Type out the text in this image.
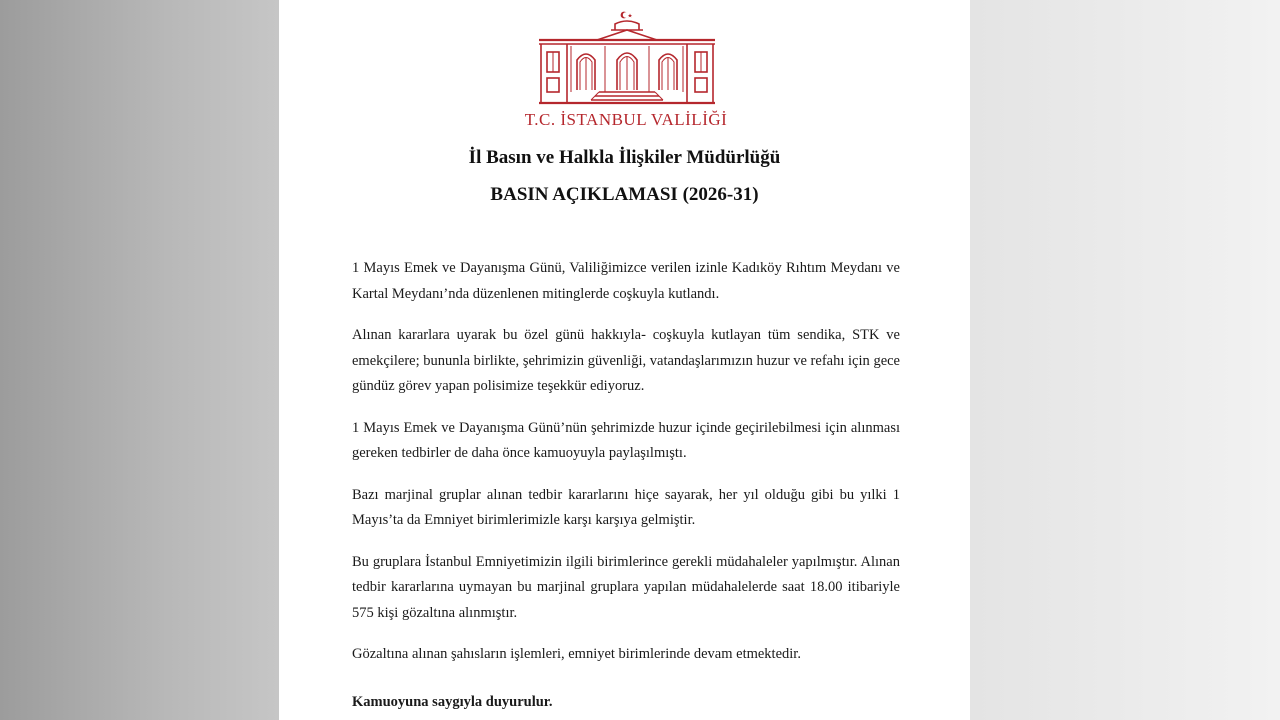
T.C. İSTANBUL VALİLİĞİ
İl Basın ve Halkla İlişkiler Müdürlüğü
BASIN AÇIKLAMASI (2026-31)

1 Mayıs Emek ve Dayanışma Günü, Valiliğimizce verilen izinle Kadıköy Rıhtım Meydanı ve Kartal Meydanı’nda düzenlenen mitinglerde coşkuyla kutlandı.

Alınan kararlara uyarak bu özel günü hakkıyla- coşkuyla kutlayan tüm sendika, STK ve emekçilere; bununla birlikte, şehrimizin güvenliği, vatandaşlarımızın huzur ve refahı için gece gündüz görev yapan polisimize teşekkür ediyoruz.

1 Mayıs Emek ve Dayanışma Günü’nün şehrimizde huzur içinde geçirilebilmesi için alınması gereken tedbirler de daha önce kamuoyuyla paylaşılmıştı.

Bazı marjinal gruplar alınan tedbir kararlarını hiçe sayarak, her yıl olduğu gibi bu yılki 1 Mayıs’ta da Emniyet birimlerimizle karşı karşıya gelmiştir.

Bu gruplara İstanbul Emniyetimizin ilgili birimlerince gerekli müdahaleler yapılmıştır. Alınan tedbir kararlarına uymayan bu marjinal gruplara yapılan müdahalelerde saat 18.00 itibariyle 575 kişi gözaltına alınmıştır.

Gözaltına alınan şahısların işlemleri, emniyet birimlerinde devam etmektedir.

Kamuoyuna saygıyla duyurulur.
